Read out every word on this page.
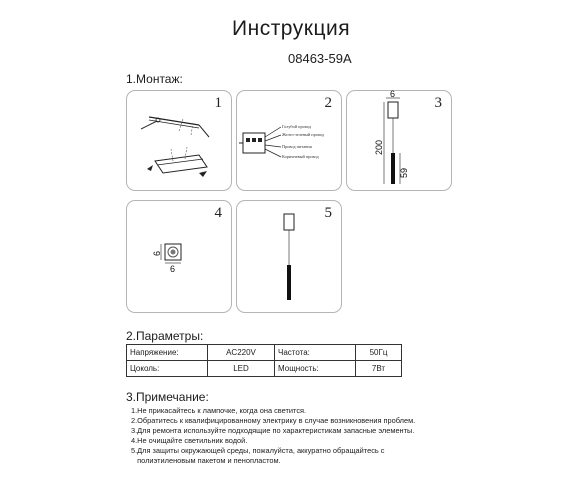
Инструкция
08463-59A
1.Монтаж:
1	2
Голубой провод
Желто-зеленый провод
Провод питания
Коричневый провод
3
6
200
59
4
6
6
5
2.Параметры:
Напряжение:	AC220V	Частота:	50Гц
Цоколь:	LED	Мощность:	7Вт
3.Примечание:
1.Не прикасайтесь к лампочке, когда она светится.
2.Обратитесь к квалифицированному электрику в случае возникновения проблем.
3.Для ремонта используйте подходящие по характеристикам запасные элементы.
4.Не очищайте светильник водой.
5.Для защиты окружающей среды, пожалуйста, аккуратно обращайтесь с
полиэтиленовым пакетом и пенопластом.
